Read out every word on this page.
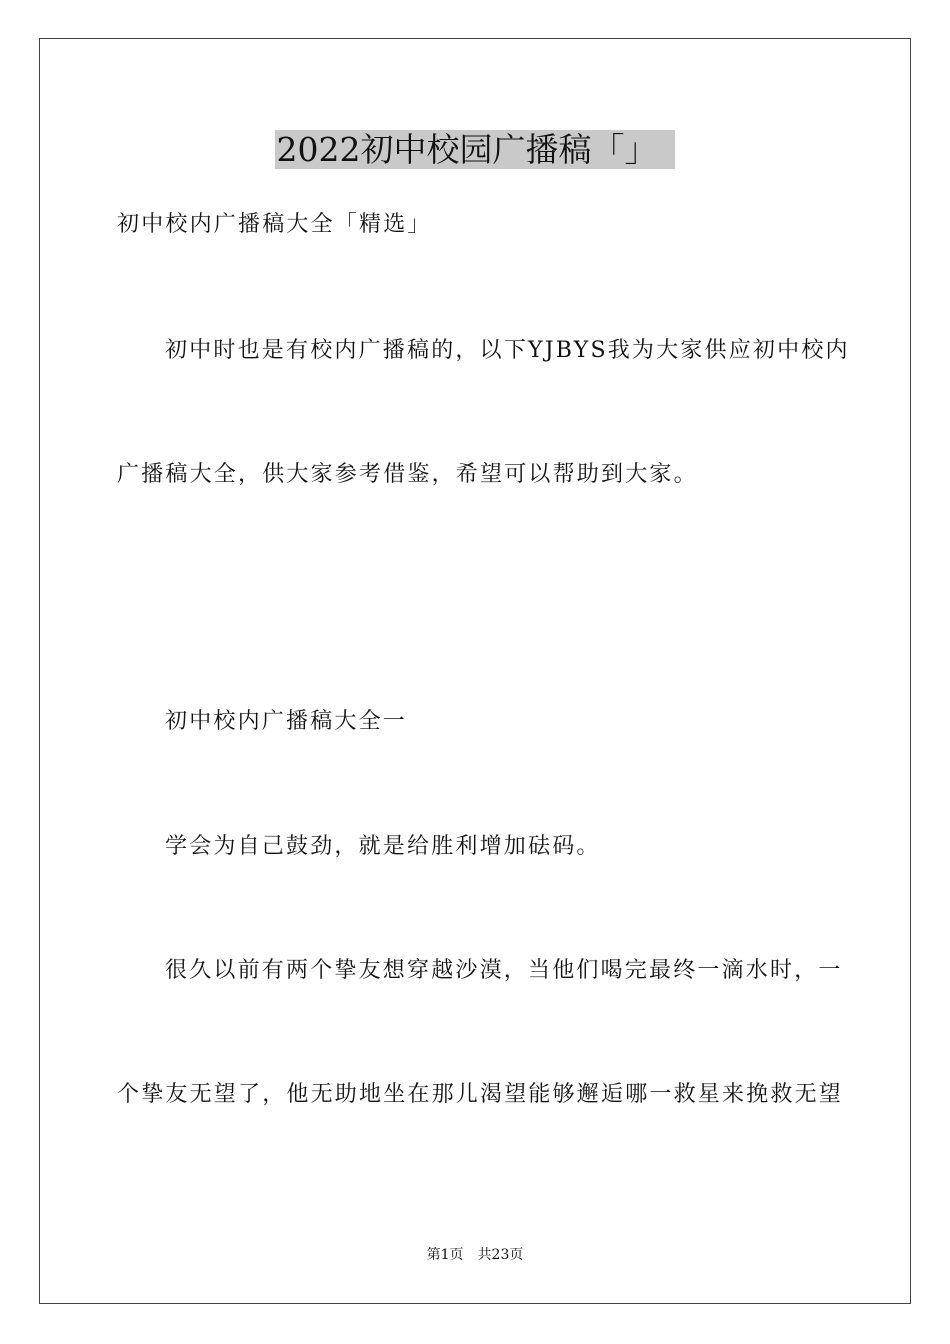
2022初中校园广播稿「」
初中校内广播稿大全「精选」
初中时也是有校内广播稿的，以下YJBYS我为大家供应初中校内
广播稿大全，供大家参考借鉴，希望可以帮助到大家。
初中校内广播稿大全一
学会为自己鼓劲，就是给胜利增加砝码。
很久以前有两个挚友想穿越沙漠，当他们喝完最终一滴水时，一
个挚友无望了，他无助地坐在那儿渴望能够邂逅哪一救星来挽救无望
第1页 共23页
